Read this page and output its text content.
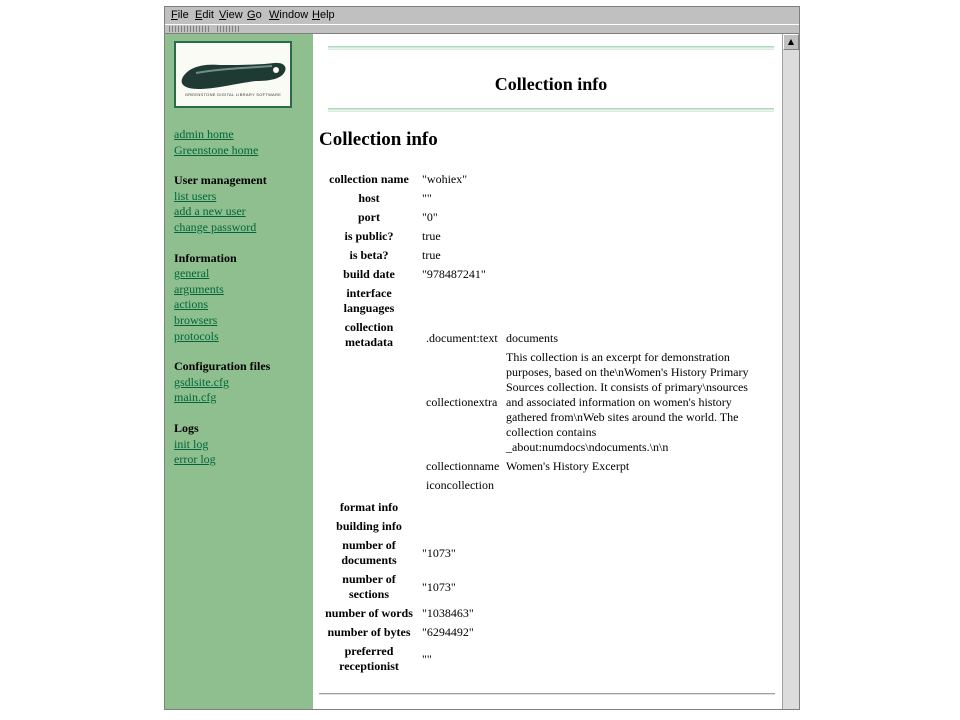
File Edit View Go Window Help
GREENSTONE DIGITAL LIBRARY SOFTWARE
admin home
Greenstone home
User management
list users
add a new user
change password
Information
general
arguments
actions
browsers
protocols
Configuration files
gsdlsite.cfg
main.cfg
Logs
init log
error log
Collection info
Collection info
collection name	"wohiex"
host	""
port	"0"
is public?	true
is beta?	true
build date	"978487241"
interface languages	
collection metadata		.document:text	documents
collectionextra	This collection is an excerpt for demonstration purposes, based on the\nWomen's History Primary Sources collection. It consists of primary\nsources and associated information on women's history gathered from\nWeb sites around the world. The collection contains _about:numdocs\ndocuments.\n\n
collectionname	Women's History Excerpt
iconcollection	

format info	
building info	
number of documents	"1073"
number of sections	"1073"
number of words	"1038463"
number of bytes	"6294492"
preferred receptionist	""
▲
